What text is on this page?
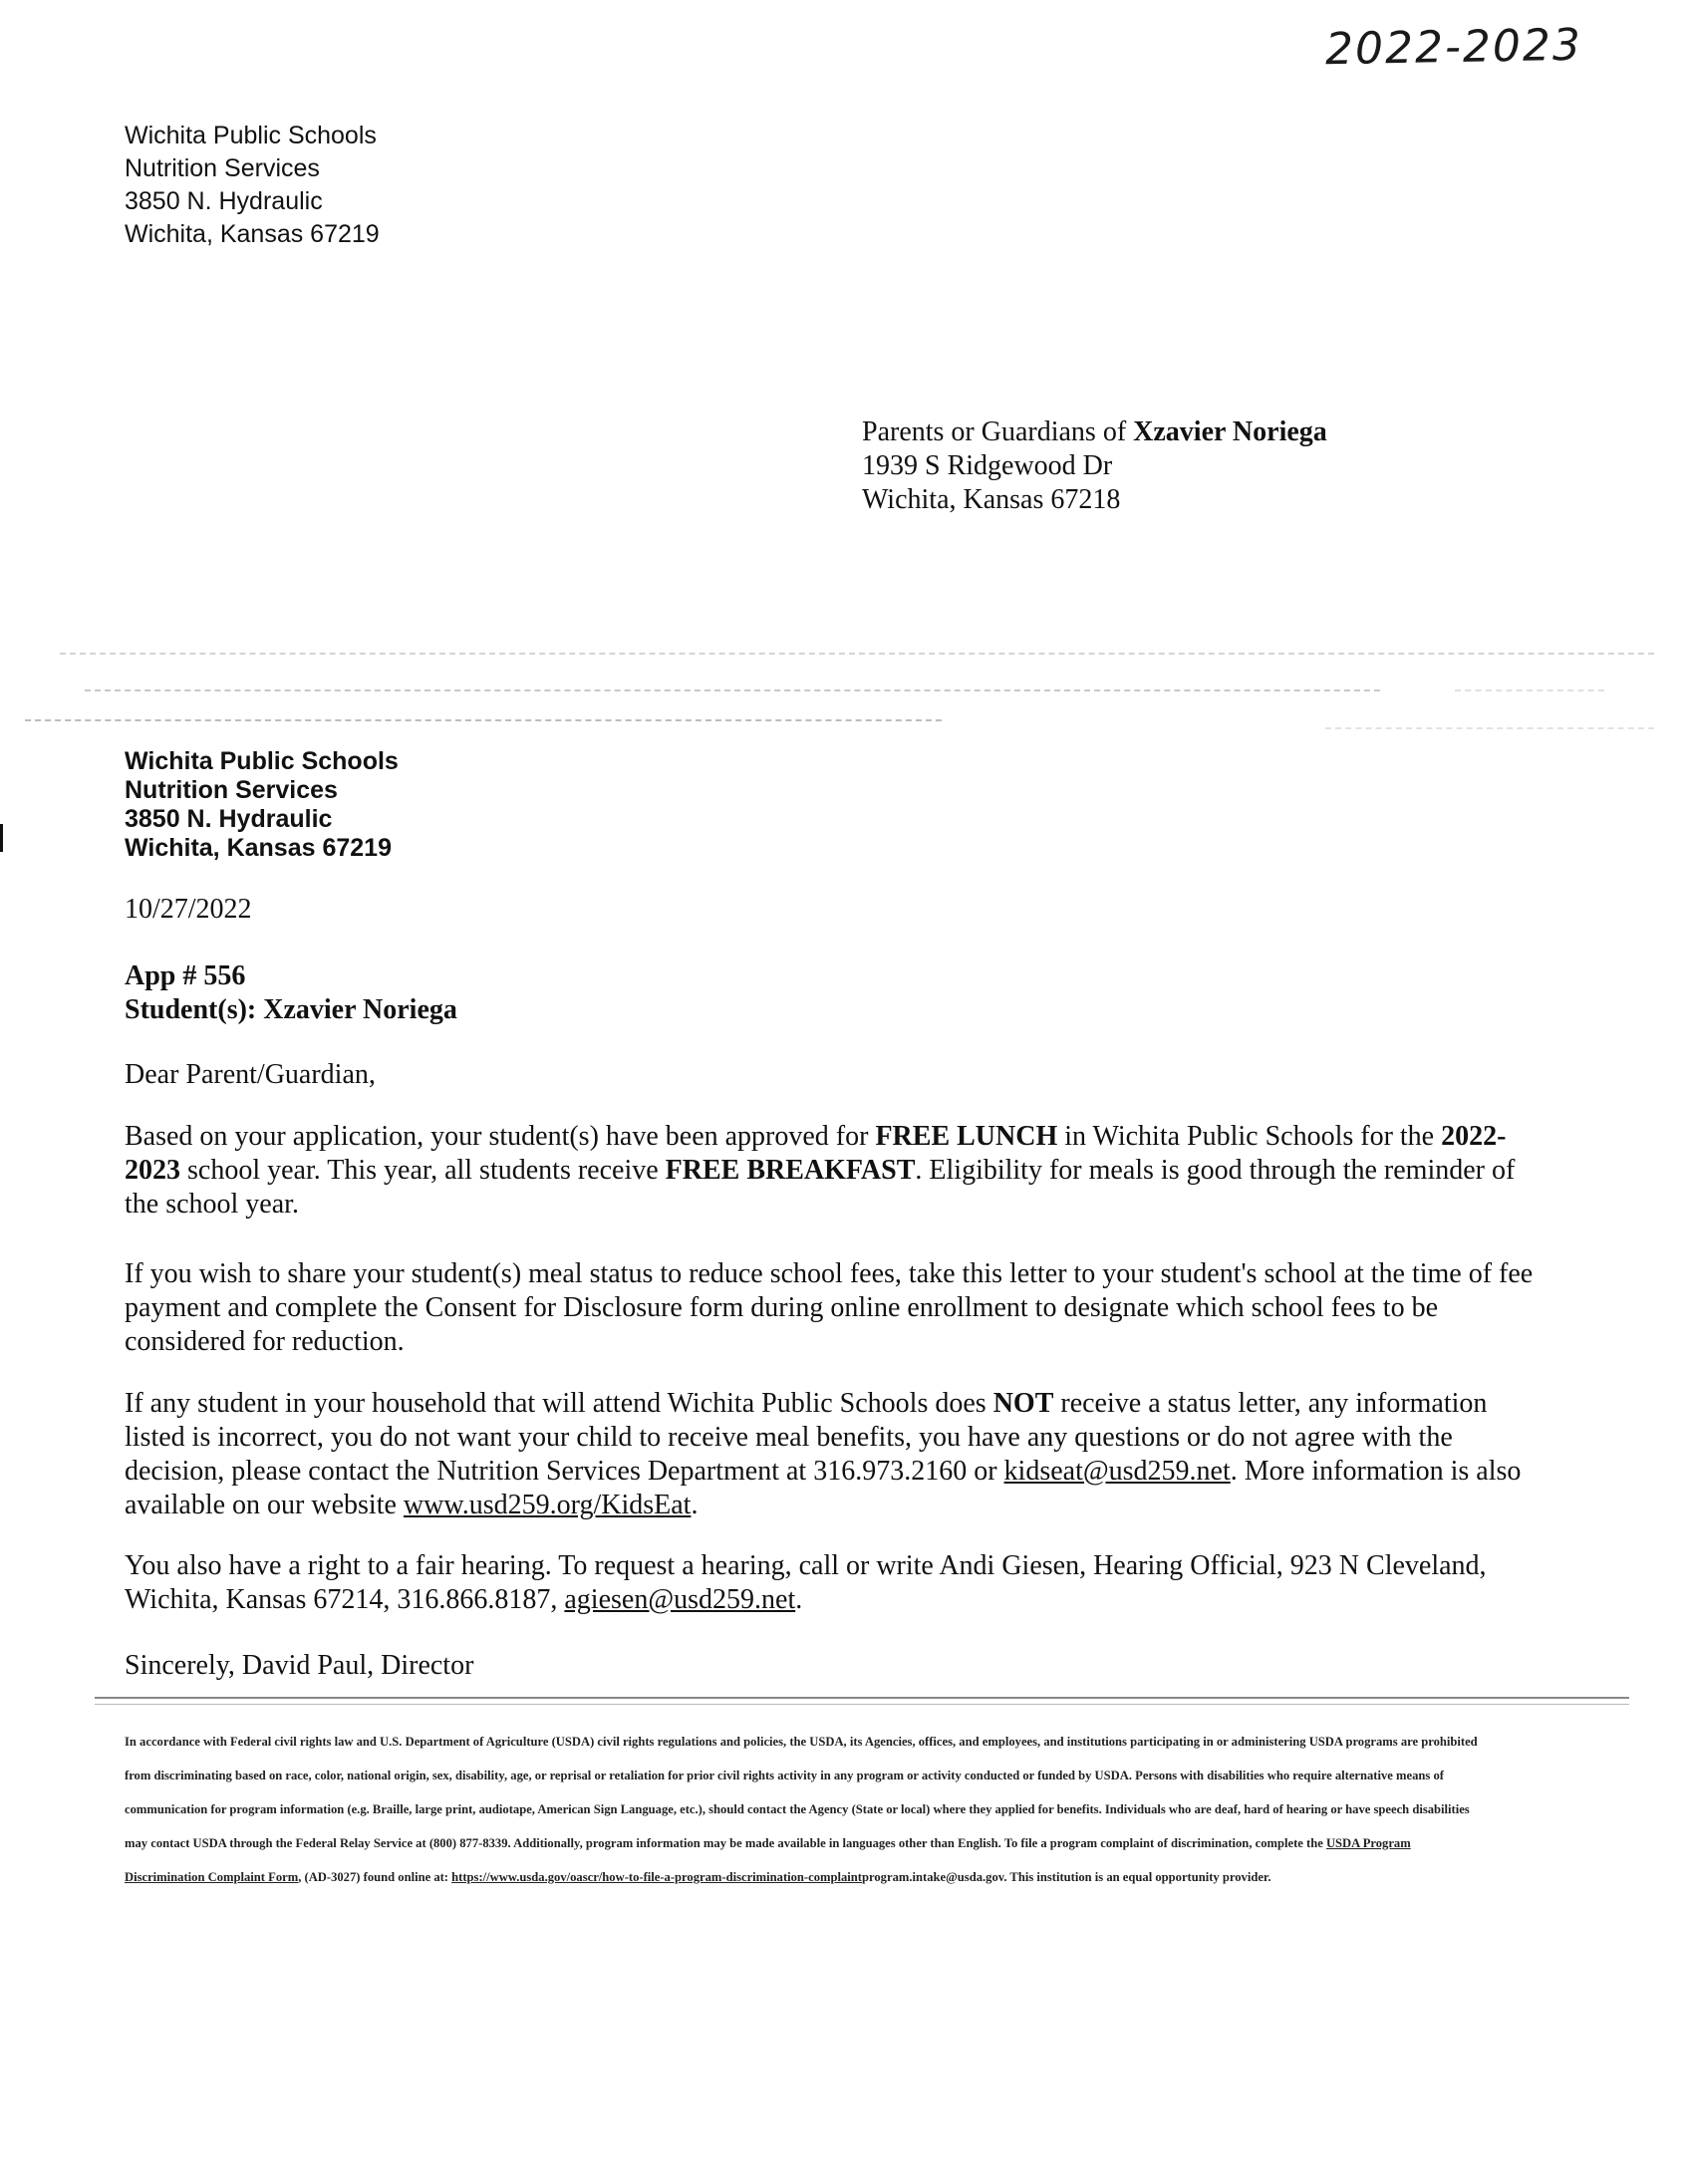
2022-2023
Wichita Public Schools
Nutrition Services
3850 N. Hydraulic
Wichita, Kansas 67219
Parents or Guardians of Xzavier Noriega
1939 S Ridgewood Dr
Wichita, Kansas 67218
Wichita Public Schools
Nutrition Services
3850 N. Hydraulic
Wichita, Kansas 67219
10/27/2022
App # 556
Student(s): Xzavier Noriega
Dear Parent/Guardian,
Based on your application, your student(s) have been approved for FREE LUNCH in Wichita Public Schools for the 2022-
2023 school year. This year, all students receive FREE BREAKFAST. Eligibility for meals is good through the reminder of
the school year.
If you wish to share your student(s) meal status to reduce school fees, take this letter to your student's school at the time of fee
payment and complete the Consent for Disclosure form during online enrollment to designate which school fees to be
considered for reduction.
If any student in your household that will attend Wichita Public Schools does NOT receive a status letter, any information
listed is incorrect, you do not want your child to receive meal benefits, you have any questions or do not agree with the
decision, please contact the Nutrition Services Department at 316.973.2160 or kidseat@usd259.net. More information is also
available on our website www.usd259.org/KidsEat.
You also have a right to a fair hearing. To request a hearing, call or write Andi Giesen, Hearing Official, 923 N Cleveland,
Wichita, Kansas 67214, 316.866.8187, agiesen@usd259.net.
Sincerely, David Paul, Director
In accordance with Federal civil rights law and U.S. Department of Agriculture (USDA) civil rights regulations and policies, the USDA, its Agencies, offices, and employees, and institutions participating in or administering USDA programs are prohibited
from discriminating based on race, color, national origin, sex, disability, age, or reprisal or retaliation for prior civil rights activity in any program or activity conducted or funded by USDA. Persons with disabilities who require alternative means of
communication for program information (e.g. Braille, large print, audiotape, American Sign Language, etc.), should contact the Agency (State or local) where they applied for benefits. Individuals who are deaf, hard of hearing or have speech disabilities
may contact USDA through the Federal Relay Service at (800) 877-8339. Additionally, program information may be made available in languages other than English. To file a program complaint of discrimination, complete the USDA Program
Discrimination Complaint Form, (AD-3027) found online at: https://www.usda.gov/oascr/how-to-file-a-program-discrimination-complaintprogram.intake@usda.gov. This institution is an equal opportunity provider.
